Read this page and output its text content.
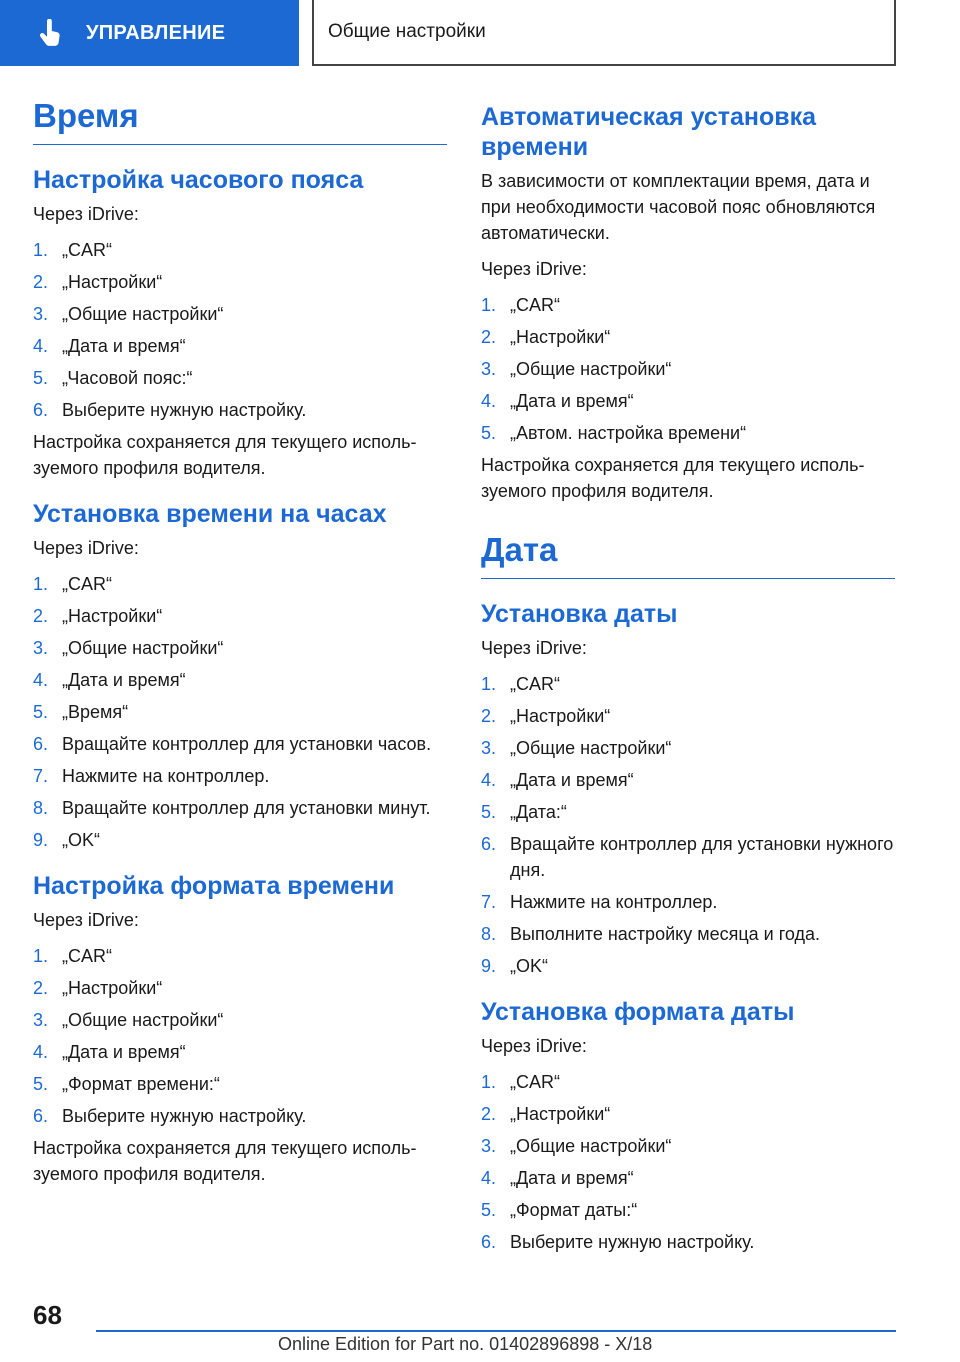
УПРАВЛЕНИЕ	Общие настройки
Время
Настройка часового пояса
Через iDrive:
1. „CAR“
2. „Настройки“
3. „Общие настройки“
4. „Дата и время“
5. „Часовой пояс:“
6. Выберите нужную настройку.
Настройка сохраняется для текущего используемого профиля водителя.
Установка времени на часах
Через iDrive:
1. „CAR“
2. „Настройки“
3. „Общие настройки“
4. „Дата и время“
5. „Время“
6. Вращайте контроллер для установки часов.
7. Нажмите на контроллер.
8. Вращайте контроллер для установки минут.
9. „OK“
Настройка формата времени
Через iDrive:
1. „CAR“
2. „Настройки“
3. „Общие настройки“
4. „Дата и время“
5. „Формат времени:“
6. Выберите нужную настройку.
Настройка сохраняется для текущего используемого профиля водителя.
Автоматическая установка времени
В зависимости от комплектации время, дата и при необходимости часовой пояс обновляются автоматически.
Через iDrive:
1. „CAR“
2. „Настройки“
3. „Общие настройки“
4. „Дата и время“
5. „Автом. настройка времени“
Настройка сохраняется для текущего используемого профиля водителя.
Дата
Установка даты
Через iDrive:
1. „CAR“
2. „Настройки“
3. „Общие настройки“
4. „Дата и время“
5. „Дата:“
6. Вращайте контроллер для установки нужного дня.
7. Нажмите на контроллер.
8. Выполните настройку месяца и года.
9. „OK“
Установка формата даты
Через iDrive:
1. „CAR“
2. „Настройки“
3. „Общие настройки“
4. „Дата и время“
5. „Формат даты:“
6. Выберите нужную настройку.
68
Online Edition for Part no. 01402896898 - X/18
